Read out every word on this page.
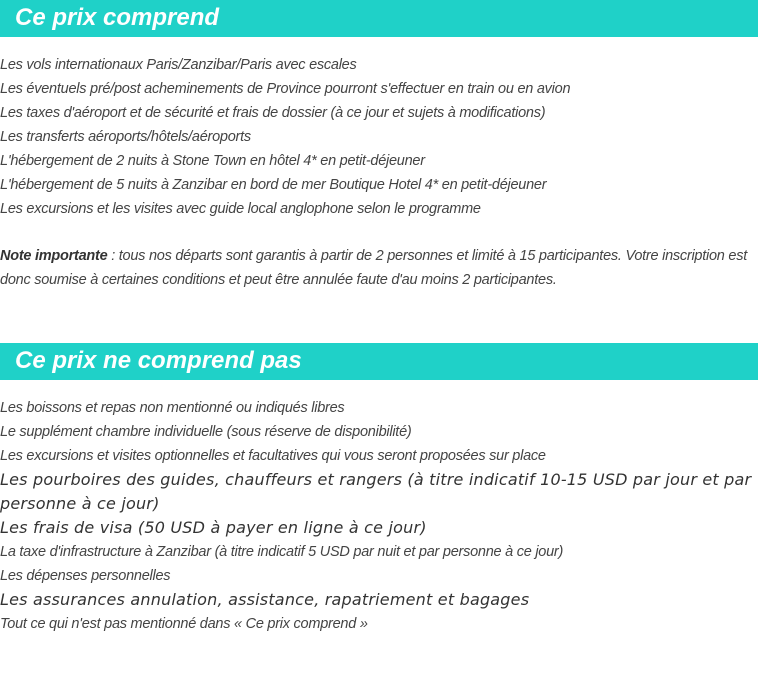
Ce prix comprend
Les vols internationaux Paris/Zanzibar/Paris avec escales
Les éventuels pré/post acheminements de Province pourront s'effectuer en train ou en avion
Les taxes d'aéroport et de sécurité et frais de dossier (à ce jour et sujets à modifications)
Les transferts aéroports/hôtels/aéroports
L'hébergement de 2 nuits à Stone Town en hôtel 4* en petit-déjeuner
L'hébergement de 5 nuits à Zanzibar en bord de mer Boutique Hotel 4* en petit-déjeuner
Les excursions et les visites avec guide local anglophone selon le programme

Note importante : tous nos départs sont garantis à partir de 2 personnes et limité à 15 participantes. Votre inscription est donc soumise à certaines conditions et peut être annulée faute d'au moins 2 participantes.

Ce prix ne comprend pas
Les boissons et repas non mentionné ou indiqués libres
Le supplément chambre individuelle (sous réserve de disponibilité)
Les excursions et visites optionnelles et facultatives qui vous seront proposées sur place
Les pourboires des guides, chauffeurs et rangers (à titre indicatif 10-15 USD par jour et par personne à ce jour)
Les frais de visa (50 USD à payer en ligne à ce jour)
La taxe d'infrastructure à Zanzibar (à titre indicatif 5 USD par nuit et par personne à ce jour)
Les dépenses personnelles
Les assurances annulation, assistance, rapatriement et bagages
Tout ce qui n'est pas mentionné dans « Ce prix comprend »
